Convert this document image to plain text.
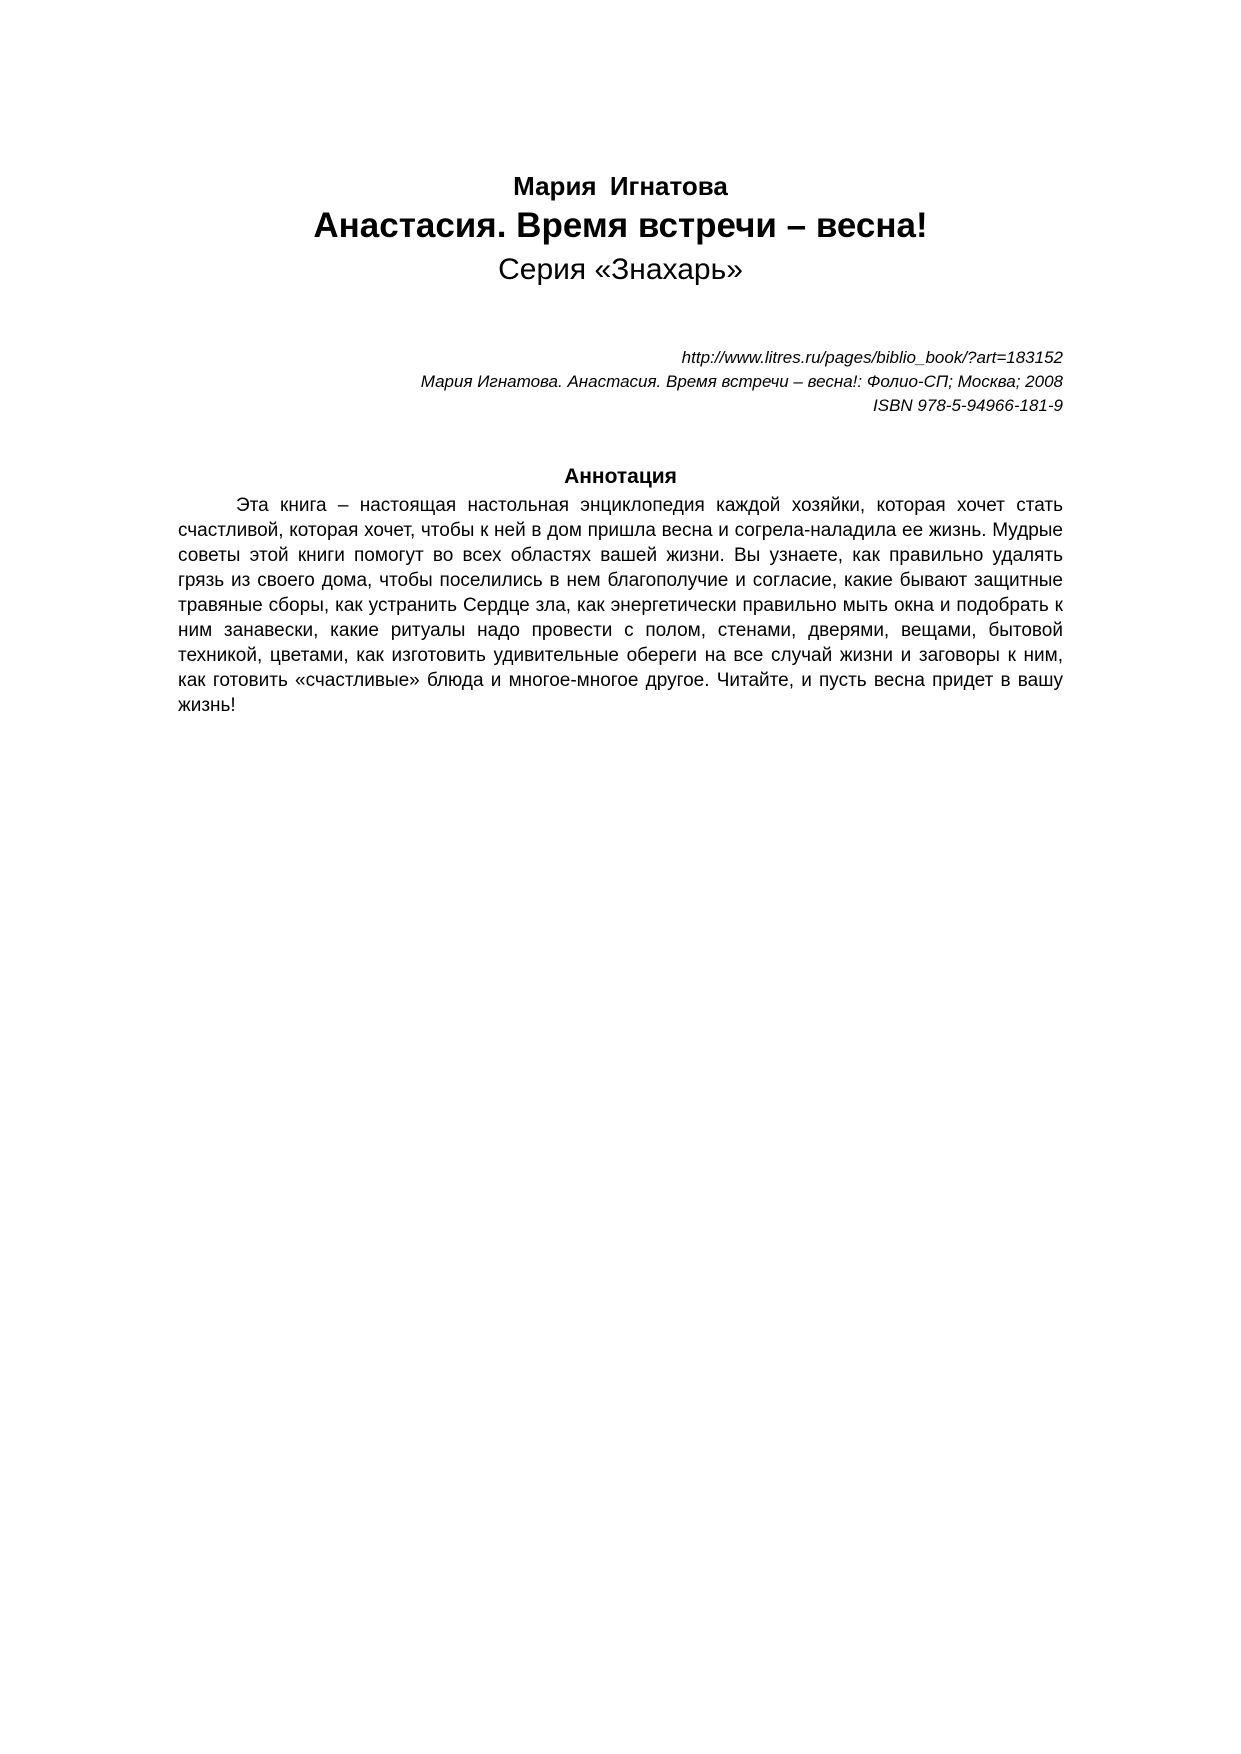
Мария Игнатова
Анастасия. Время встречи – весна!
Серия «Знахарь»
http://www.litres.ru/pages/biblio_book/?art=183152
Мария Игнатова. Анастасия. Время встречи – весна!: Фолио-СП; Москва; 2008
ISBN 978-5-94966-181-9
Аннотация

Эта книга – настоящая настольная энциклопедия каждой хозяйки, которая хочет стать счастливой, которая хочет, чтобы к ней в дом пришла весна и согрела-наладила ее жизнь. Мудрые советы этой книги помогут во всех областях вашей жизни. Вы узнаете, как правильно удалять грязь из своего дома, чтобы поселились в нем благополучие и согласие, какие бывают защитные травяные сборы, как устранить Сердце зла, как энергетически правильно мыть окна и подобрать к ним занавески, какие ритуалы надо провести с полом, стенами, дверями, вещами, бытовой техникой, цветами, как изготовить удивительные обереги на все случай жизни и заговоры к ним, как готовить «счастливые» блюда и многое-многое другое. Читайте, и пусть весна придет в вашу жизнь!
